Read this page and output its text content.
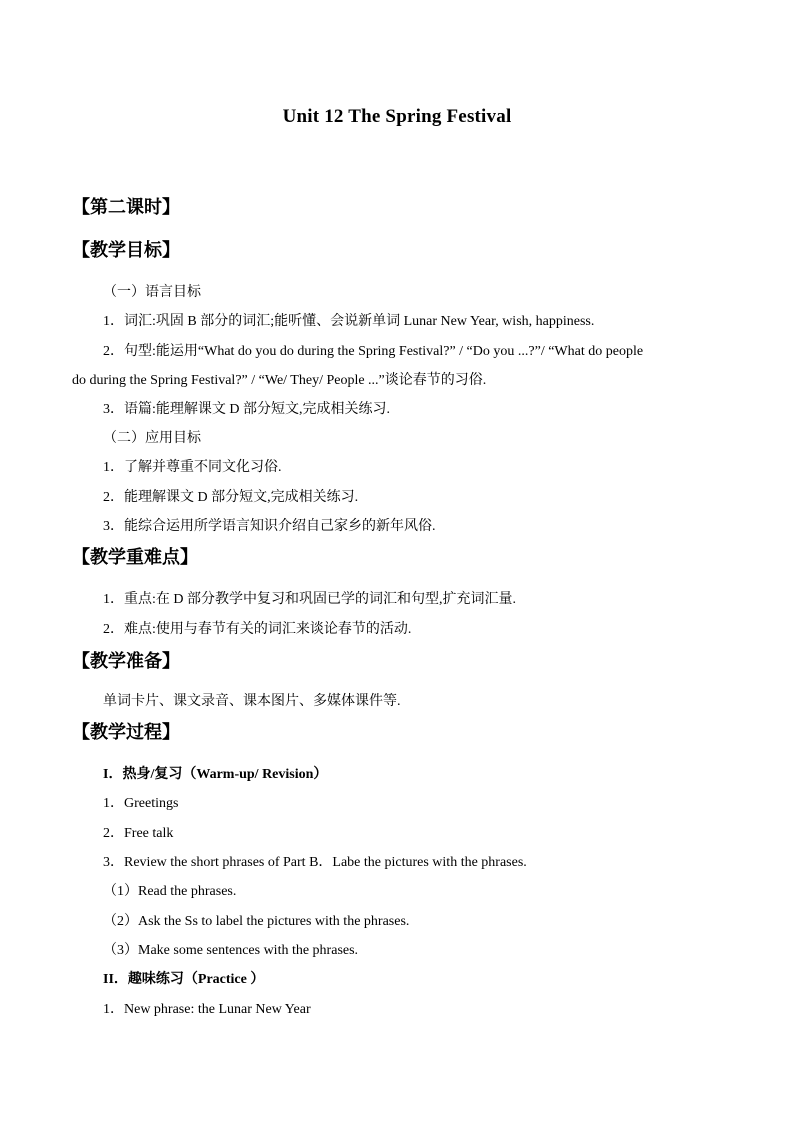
Unit 12 The Spring Festival
【第二课时】
【教学目标】
（一）语言目标
1．词汇:巩固 B 部分的词汇;能听懂、会说新单词 Lunar New Year, wish, happiness.
2．句型:能运用“What do you do during the Spring Festival?” / “Do you ...?”/ “What do people
do during the Spring Festival?” / “We/ They/ People ...”谈论春节的习俗.
3．语篇:能理解课文 D 部分短文,完成相关练习.
（二）应用目标
1．了解并尊重不同文化习俗.
2．能理解课文 D 部分短文,完成相关练习.
3．能综合运用所学语言知识介绍自己家乡的新年风俗.
【教学重难点】
1．重点:在 D 部分教学中复习和巩固已学的词汇和句型,扩充词汇量.
2．难点:使用与春节有关的词汇来谈论春节的活动.
【教学准备】
单词卡片、课文录音、课本图片、多媒体课件等.
【教学过程】
I．热身/复习（Warm-up/ Revision）
1．Greetings
2．Free talk
3．Review the short phrases of Part B．Labe the pictures with the phrases.
（1）Read the phrases.
（2）Ask the Ss to label the pictures with the phrases.
（3）Make some sentences with the phrases.
II．趣味练习（Practice ）
1．New phrase: the Lunar New Year
